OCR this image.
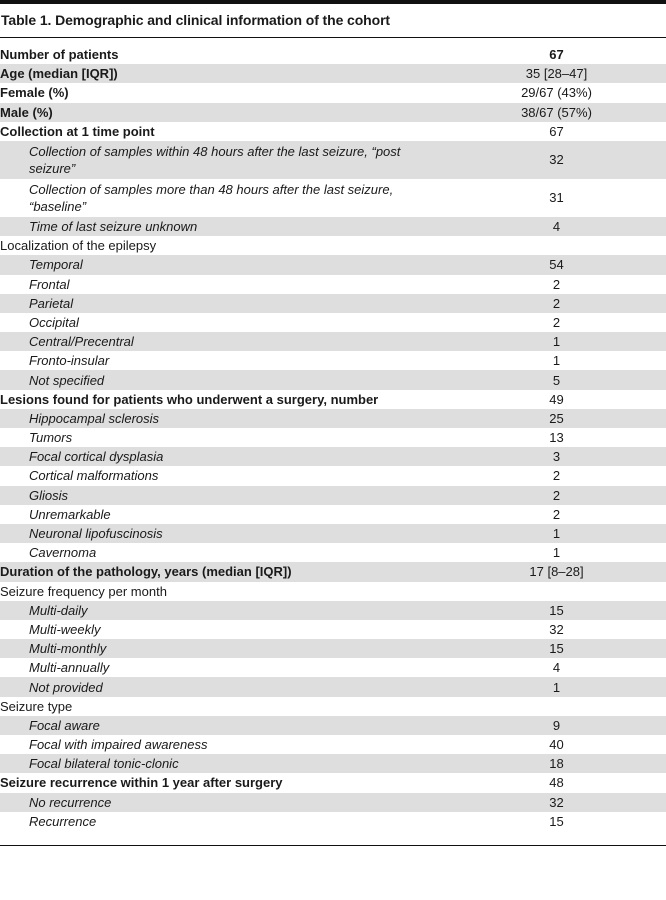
Table 1. Demographic and clinical information of the cohort
Number of patients	67
Age (median [IQR])	35 [28–47]
Female (%)	29/67 (43%)
Male (%)	38/67 (57%)
Collection at 1 time point	67
Collection of samples within 48 hours after the last seizure, “post seizure”	32
Collection of samples more than 48 hours after the last seizure, “baseline”	31
Time of last seizure unknown	4
Localization of the epilepsy	
Temporal	54
Frontal	2
Parietal	2
Occipital	2
Central/Precentral	1
Fronto-insular	1
Not specified	5
Lesions found for patients who underwent a surgery, number	49
Hippocampal sclerosis	25
Tumors	13
Focal cortical dysplasia	3
Cortical malformations	2
Gliosis	2
Unremarkable	2
Neuronal lipofuscinosis	1
Cavernoma	1
Duration of the pathology, years (median [IQR])	17 [8–28]
Seizure frequency per month	
Multi-daily	15
Multi-weekly	32
Multi-monthly	15
Multi-annually	4
Not provided	1
Seizure type	
Focal aware	9
Focal with impaired awareness	40
Focal bilateral tonic-clonic	18
Seizure recurrence within 1 year after surgery	48
No recurrence	32
Recurrence	15
